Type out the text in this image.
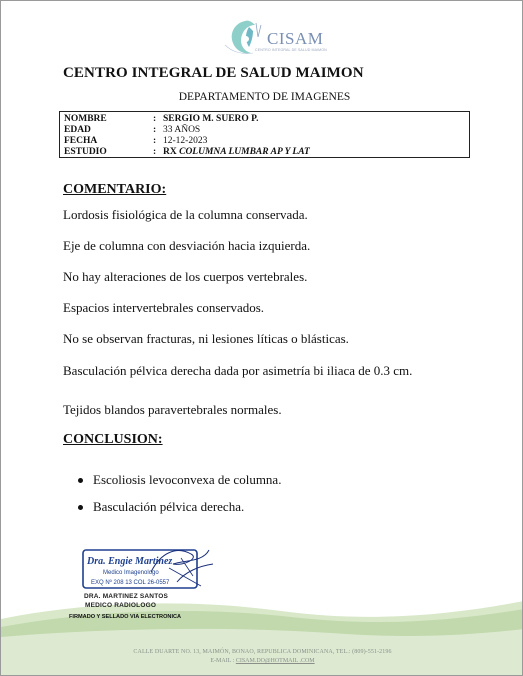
CISAM
CENTRO INTEGRAL DE SALUD MAIMON
CENTRO INTEGRAL DE SALUD MAIMON
DEPARTAMENTO DE IMAGENES
NOMBRE	: SERGIO M. SUERO P.
EDAD	: 33 AÑOS
FECHA	: 12-12-2023
ESTUDIO	: RX COLUMNA LUMBAR AP Y LAT
COMENTARIO:
Lordosis fisiológica de la columna conservada.
Eje de columna con desviación hacia izquierda.
No hay alteraciones de los cuerpos vertebrales.
Espacios intervertebrales conservados.
No se observan fracturas, ni lesiones líticas o blásticas.
Basculación pélvica derecha dada por asimetría bi iliaca de 0.3 cm.
Tejidos blandos paravertebrales normales.
CONCLUSION:
Escoliosis levoconvexa de columna.
Basculación pélvica derecha.
Dra. Engie Martinez
Medico Imagenologo
EXQ Nº 208 13 COL 26-0557
DRA. MARTINEZ SANTOS
MEDICO RADIOLOGO
FIRMADO Y SELLADO VIA ELECTRONICA
CALLE DUARTE NO. 13, MAIMÓN, BONAO, REPUBLICA DOMINICANA, TEL.: (809)-551-2196
E-MAIL : CISAM.DO@HOTMAIL .COM
